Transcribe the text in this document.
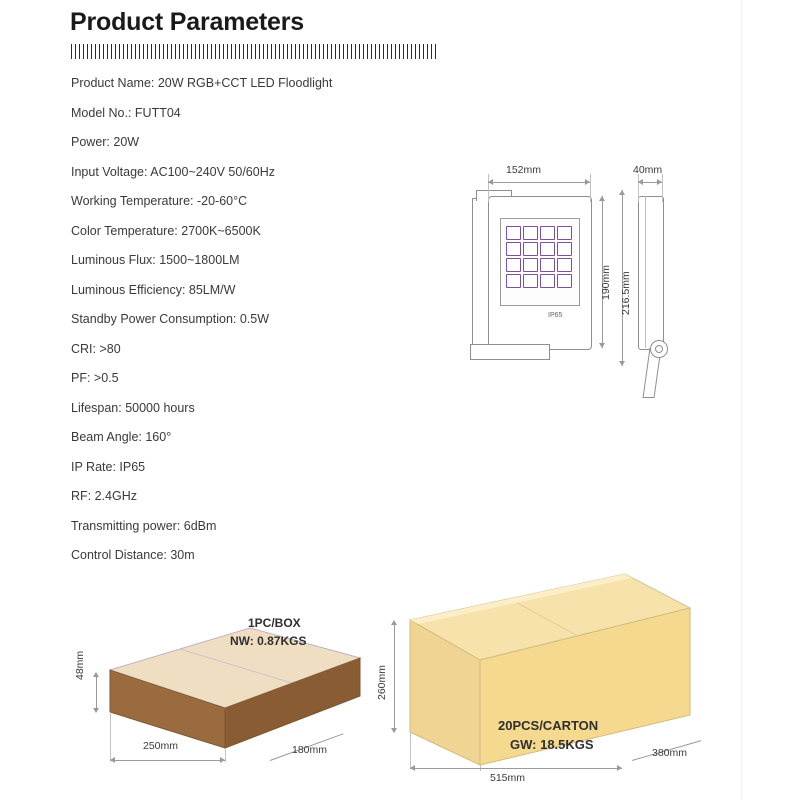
Product Parameters
Product Name: 20W RGB+CCT LED Floodlight
Model No.: FUTT04
Power: 20W
Input Voltage: AC100~240V 50/60Hz
Working Temperature: -20-60°C
Color Temperature: 2700K~6500K
Luminous Flux: 1500~1800LM
Luminous Efficiency: 85LM/W
Standby Power Consumption: 0.5W
CRI: >80
PF: >0.5
Lifespan: 50000 hours
Beam Angle: 160°
IP Rate: IP65
RF: 2.4GHz
Transmitting power: 6dBm
Control Distance: 30m
IP65
152mm	40mm
190mm 216.5mm
1PC/BOX
NW: 0.87KGS
48mm
250mm	180mm
20PCS/CARTON
GW: 18.5KGS
260mm
515mm
380mm
